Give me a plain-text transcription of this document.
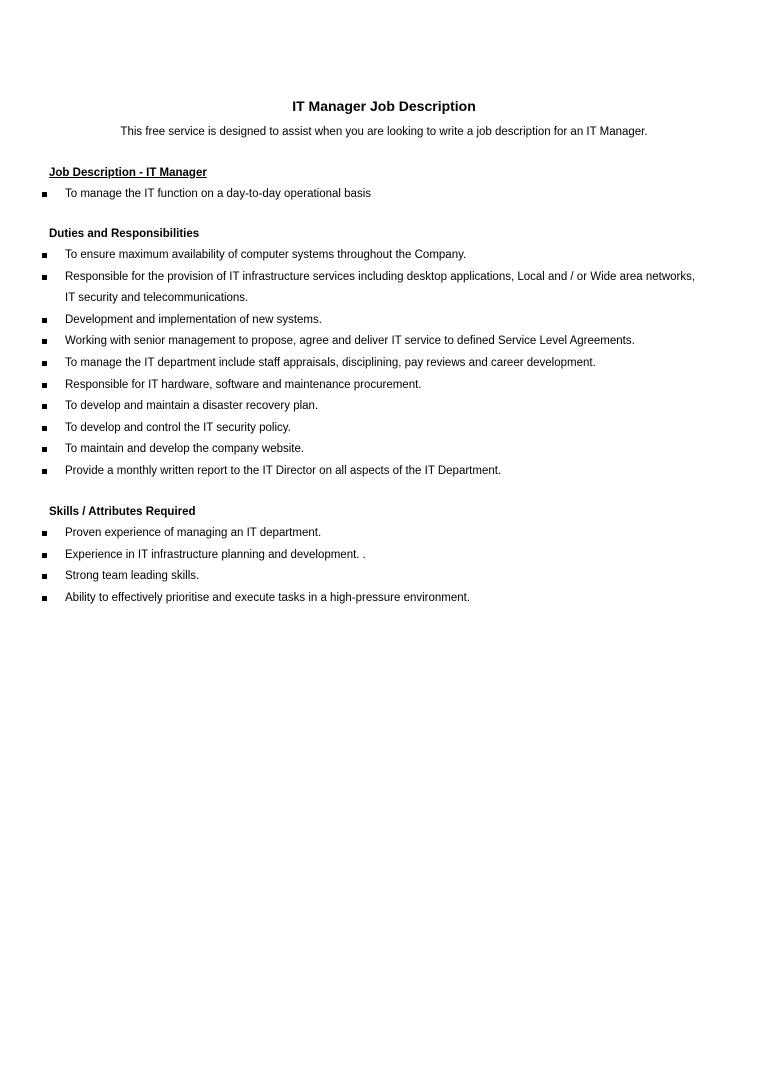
IT Manager Job Description
This free service is designed to assist when you are looking to write a job description for an IT Manager.
Job Description - IT Manager
To manage the IT function on a day-to-day operational basis
Duties and Responsibilities
To ensure maximum availability of computer systems throughout the Company.
Responsible for the provision of IT infrastructure services including desktop applications, Local and / or Wide area networks, IT security and telecommunications.
Development and implementation of new systems.
Working with senior management to propose, agree and deliver IT service to defined Service Level Agreements.
To manage the IT department include staff appraisals, disciplining, pay reviews and career development.
Responsible for IT hardware, software and maintenance procurement.
To develop and maintain a disaster recovery plan.
To develop and control the IT security policy.
To maintain and develop the company website.
Provide a monthly written report to the IT Director on all aspects of the IT Department.
Skills / Attributes Required
Proven experience of managing an IT department.
Experience in IT infrastructure planning and development. .
Strong team leading skills.
Ability to effectively prioritise and execute tasks in a high-pressure environment.
